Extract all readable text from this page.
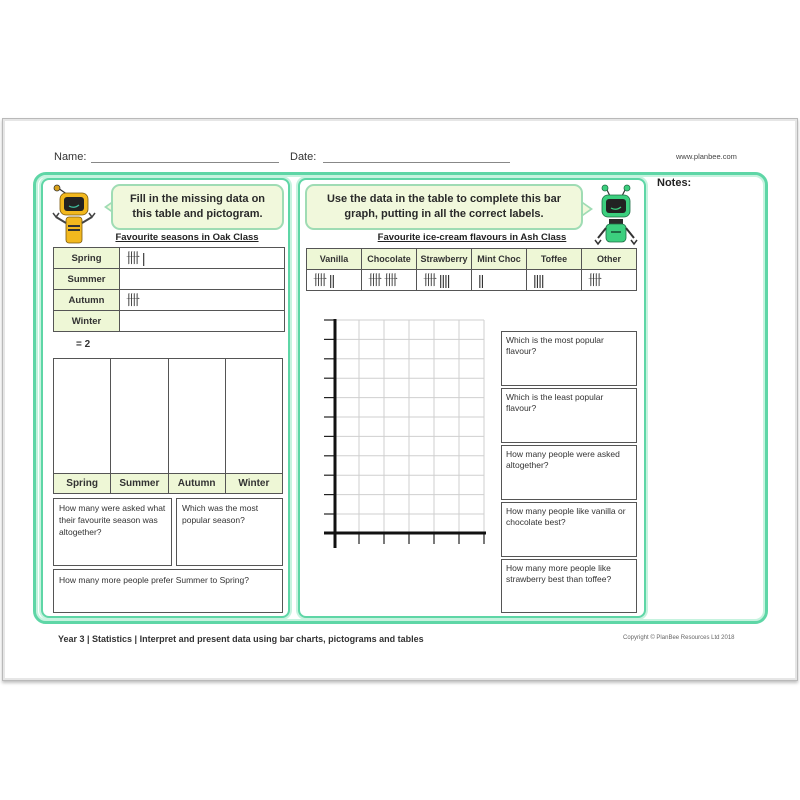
Name:	Date:	www.planbee.com
Notes:
Fill in the missing data on this table and pictogram.
Favourite seasons in Oak Class
Spring	卌 |
Summer	
Autumn	卌
Winter	
= 2
Spring	Summer	Autumn	Winter
How many were asked what their favourite season was altogether?
Which was the most popular season?
How many more people prefer Summer to Spring?
Use the data in the table to complete this bar graph, putting in all the correct labels.
Favourite ice-cream flavours in Ash Class
Vanilla	Chocolate	Strawberry	Mint Choc	Toffee	Other
卌 ||	卌 卌	卌 ||||	||	||||	卌
Which is the most popular flavour?
Which is the least popular flavour?
How many people were asked altogether?
How many people like vanilla or chocolate best?
How many more people like strawberry best than toffee?
Year 3 | Statistics | Interpret and present data using bar charts, pictograms and tables	Copyright © PlanBee Resources Ltd 2018
